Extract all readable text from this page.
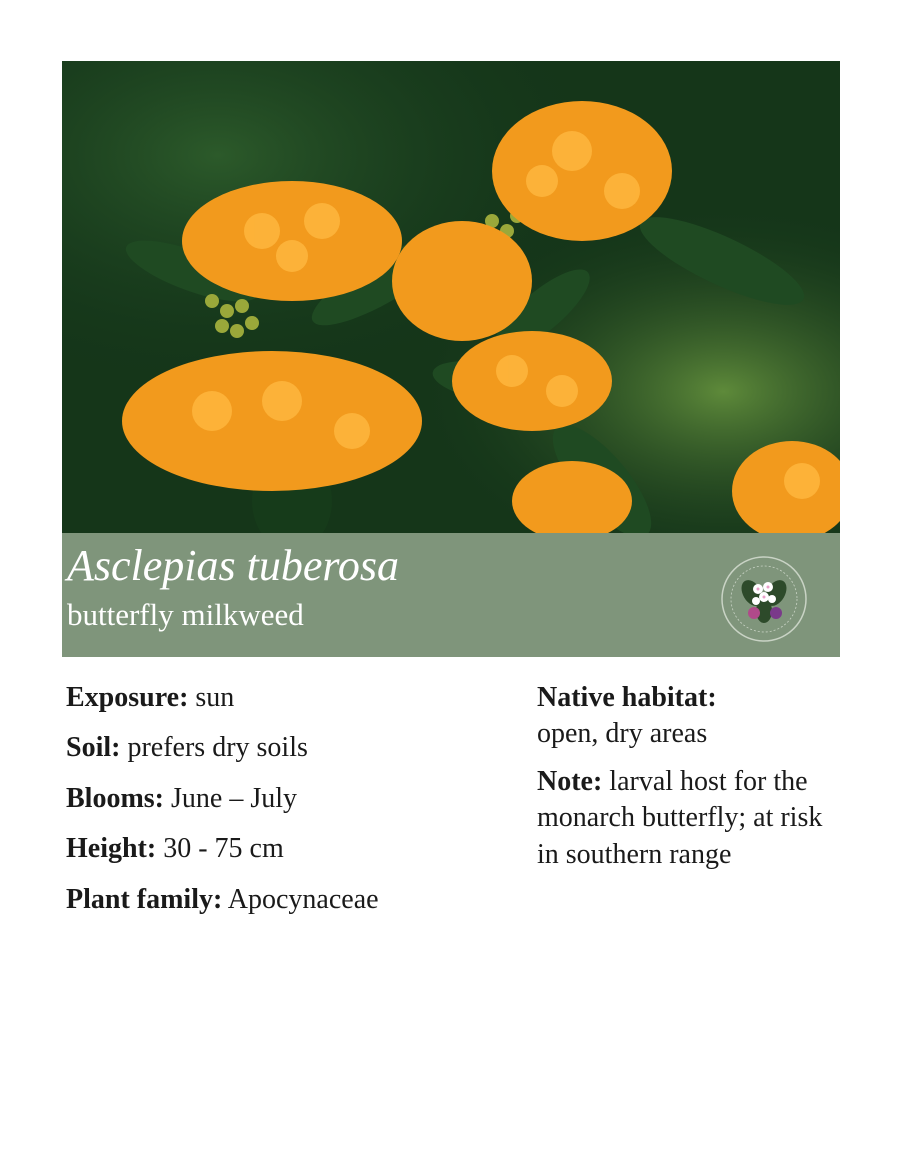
Asclepias tuberosa
butterfly milkweed
Exposure: sun
Soil: prefers dry soils
Blooms: June – July
Height: 30 - 75 cm
Plant family: Apocynaceae
Native habitat:
open, dry areas
Note: larval host for the monarch butterfly; at risk in southern range
